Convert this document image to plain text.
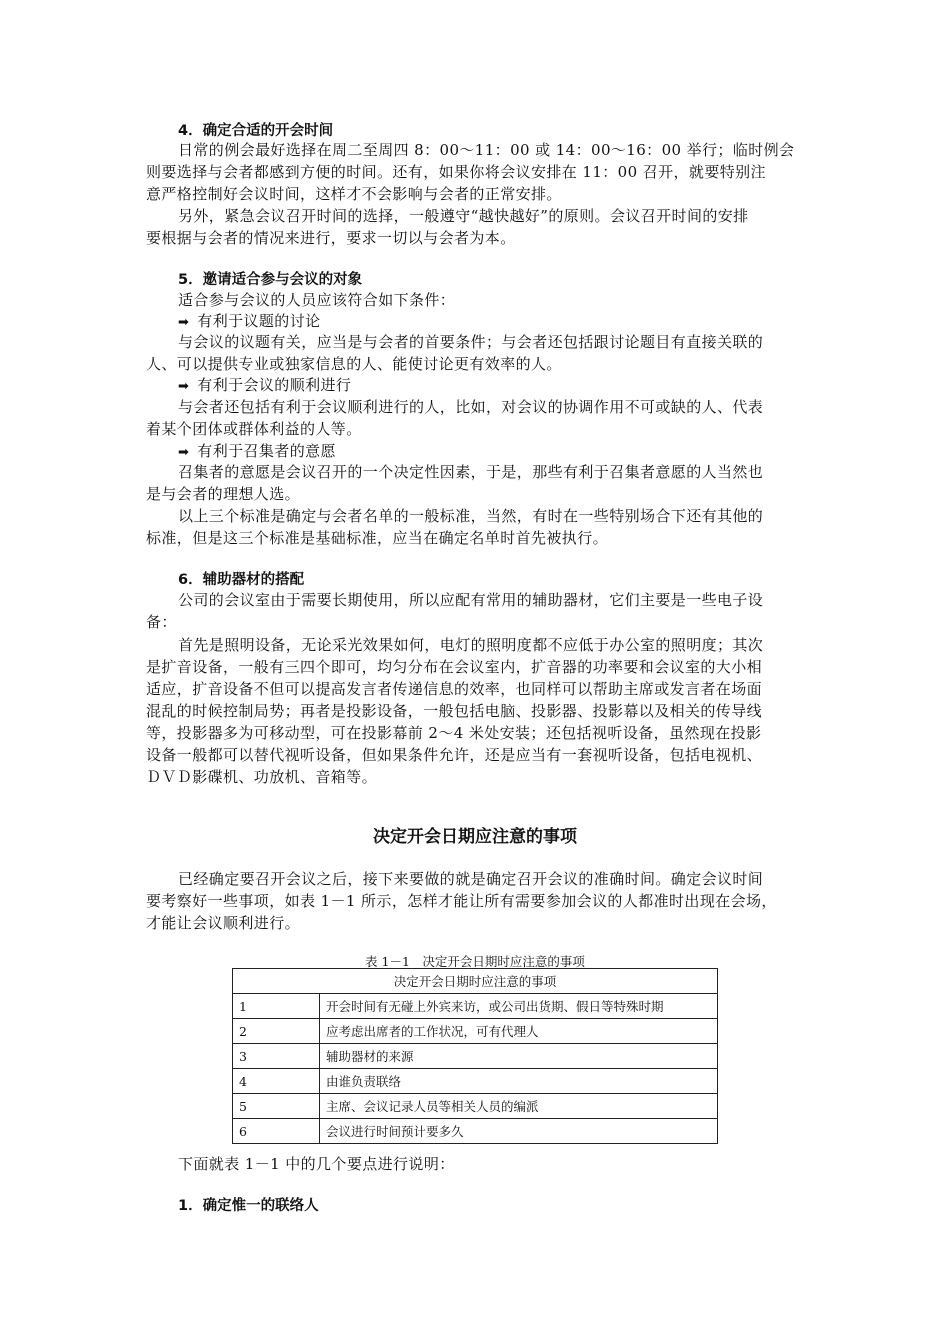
4．确定合适的开会时间
日常的例会最好选择在周二至周四 8：00～11：00 或 14：00～16：00 举行；临时例会
则要选择与会者都感到方便的时间。还有，如果你将会议安排在 11：00 召开，就要特别注
意严格控制好会议时间，这样才不会影响与会者的正常安排。
另外，紧急会议召开时间的选择，一般遵守“越快越好”的原则。会议召开时间的安排
要根据与会者的情况来进行，要求一切以与会者为本。
5．邀请适合参与会议的对象
适合参与会议的人员应该符合如下条件：
➡ 有利于议题的讨论
与会议的议题有关，应当是与会者的首要条件；与会者还包括跟讨论题目有直接关联的
人、可以提供专业或独家信息的人、能使讨论更有效率的人。
➡ 有利于会议的顺利进行
与会者还包括有利于会议顺利进行的人，比如，对会议的协调作用不可或缺的人、代表
着某个团体或群体利益的人等。
➡ 有利于召集者的意愿
召集者的意愿是会议召开的一个决定性因素，于是，那些有利于召集者意愿的人当然也
是与会者的理想人选。
以上三个标准是确定与会者名单的一般标准，当然，有时在一些特别场合下还有其他的
标准，但是这三个标准是基础标准，应当在确定名单时首先被执行。
6．辅助器材的搭配
公司的会议室由于需要长期使用，所以应配有常用的辅助器材，它们主要是一些电子设
备：
首先是照明设备，无论采光效果如何，电灯的照明度都不应低于办公室的照明度；其次
是扩音设备，一般有三四个即可，均匀分布在会议室内，扩音器的功率要和会议室的大小相
适应，扩音设备不但可以提高发言者传递信息的效率，也同样可以帮助主席或发言者在场面
混乱的时候控制局势；再者是投影设备，一般包括电脑、投影器、投影幕以及相关的传导线
等，投影器多为可移动型，可在投影幕前 2～4 米处安装；还包括视听设备，虽然现在投影
设备一般都可以替代视听设备，但如果条件允许，还是应当有一套视听设备，包括电视机、
ＤＶＤ影碟机、功放机、音箱等。
决定开会日期应注意的事项
已经确定要召开会议之后，接下来要做的就是确定召开会议的准确时间。确定会议时间
要考察好一些事项，如表 1－1 所示，怎样才能让所有需要参加会议的人都准时出现在会场，
才能让会议顺利进行。
表 1－1　决定开会日期时应注意的事项
决定开会日期时应注意的事项	
1	开会时间有无碰上外宾来访，或公司出货期、假日等特殊时期
2	应考虑出席者的工作状况，可有代理人
3	辅助器材的来源
4	由谁负责联络
5	主席、会议记录人员等相关人员的编派
6	会议进行时间预计要多久
下面就表 1－1 中的几个要点进行说明：
1．确定惟一的联络人
